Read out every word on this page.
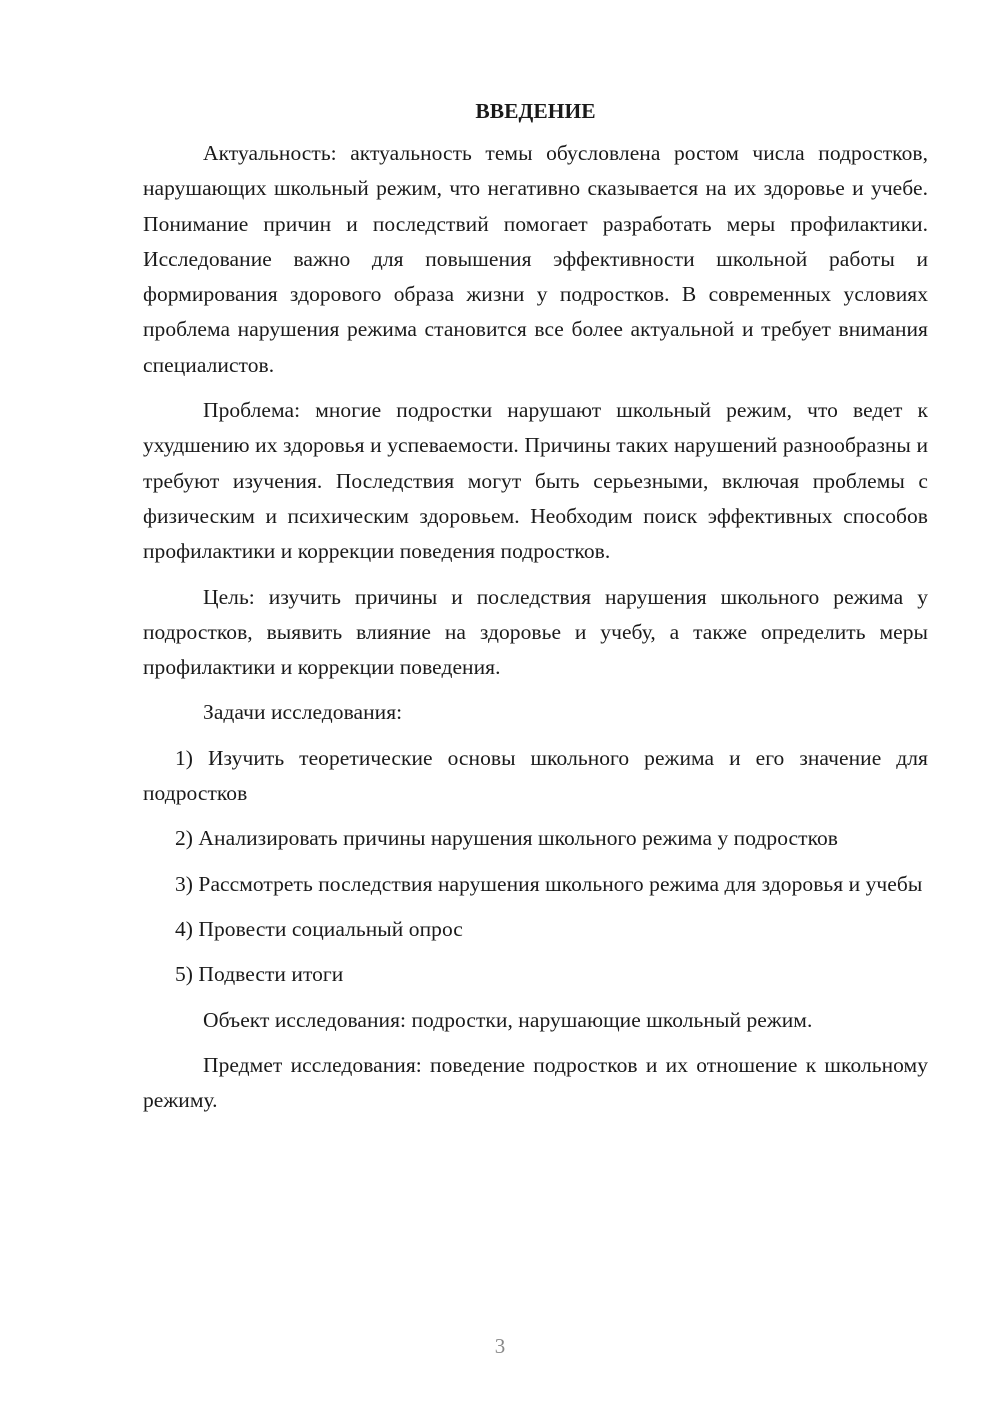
ВВЕДЕНИЕ

Актуальность: актуальность темы обусловлена ростом числа подростков, нарушающих школьный режим, что негативно сказывается на их здоровье и учебе. Понимание причин и последствий помогает разработать меры профилактики. Исследование важно для повышения эффективности школьной работы и формирования здорового образа жизни у подростков. В современных условиях проблема нарушения режима становится все более актуальной и требует внимания специалистов.

Проблема: многие подростки нарушают школьный режим, что ведет к ухудшению их здоровья и успеваемости. Причины таких нарушений разнообразны и требуют изучения. Последствия могут быть серьезными, включая проблемы с физическим и психическим здоровьем. Необходим поиск эффективных способов профилактики и коррекции поведения подростков.

Цель: изучить причины и последствия нарушения школьного режима у подростков, выявить влияние на здоровье и учебу, а также определить меры профилактики и коррекции поведения.

Задачи исследования:

1) Изучить теоретические основы школьного режима и его значение для подростков

2) Анализировать причины нарушения школьного режима у подростков

3) Рассмотреть последствия нарушения школьного режима для здоровья и учебы

4) Провести социальный опрос

5) Подвести итоги

Объект исследования: подростки, нарушающие школьный режим.

Предмет исследования: поведение подростков и их отношение к школьному режиму.

3
